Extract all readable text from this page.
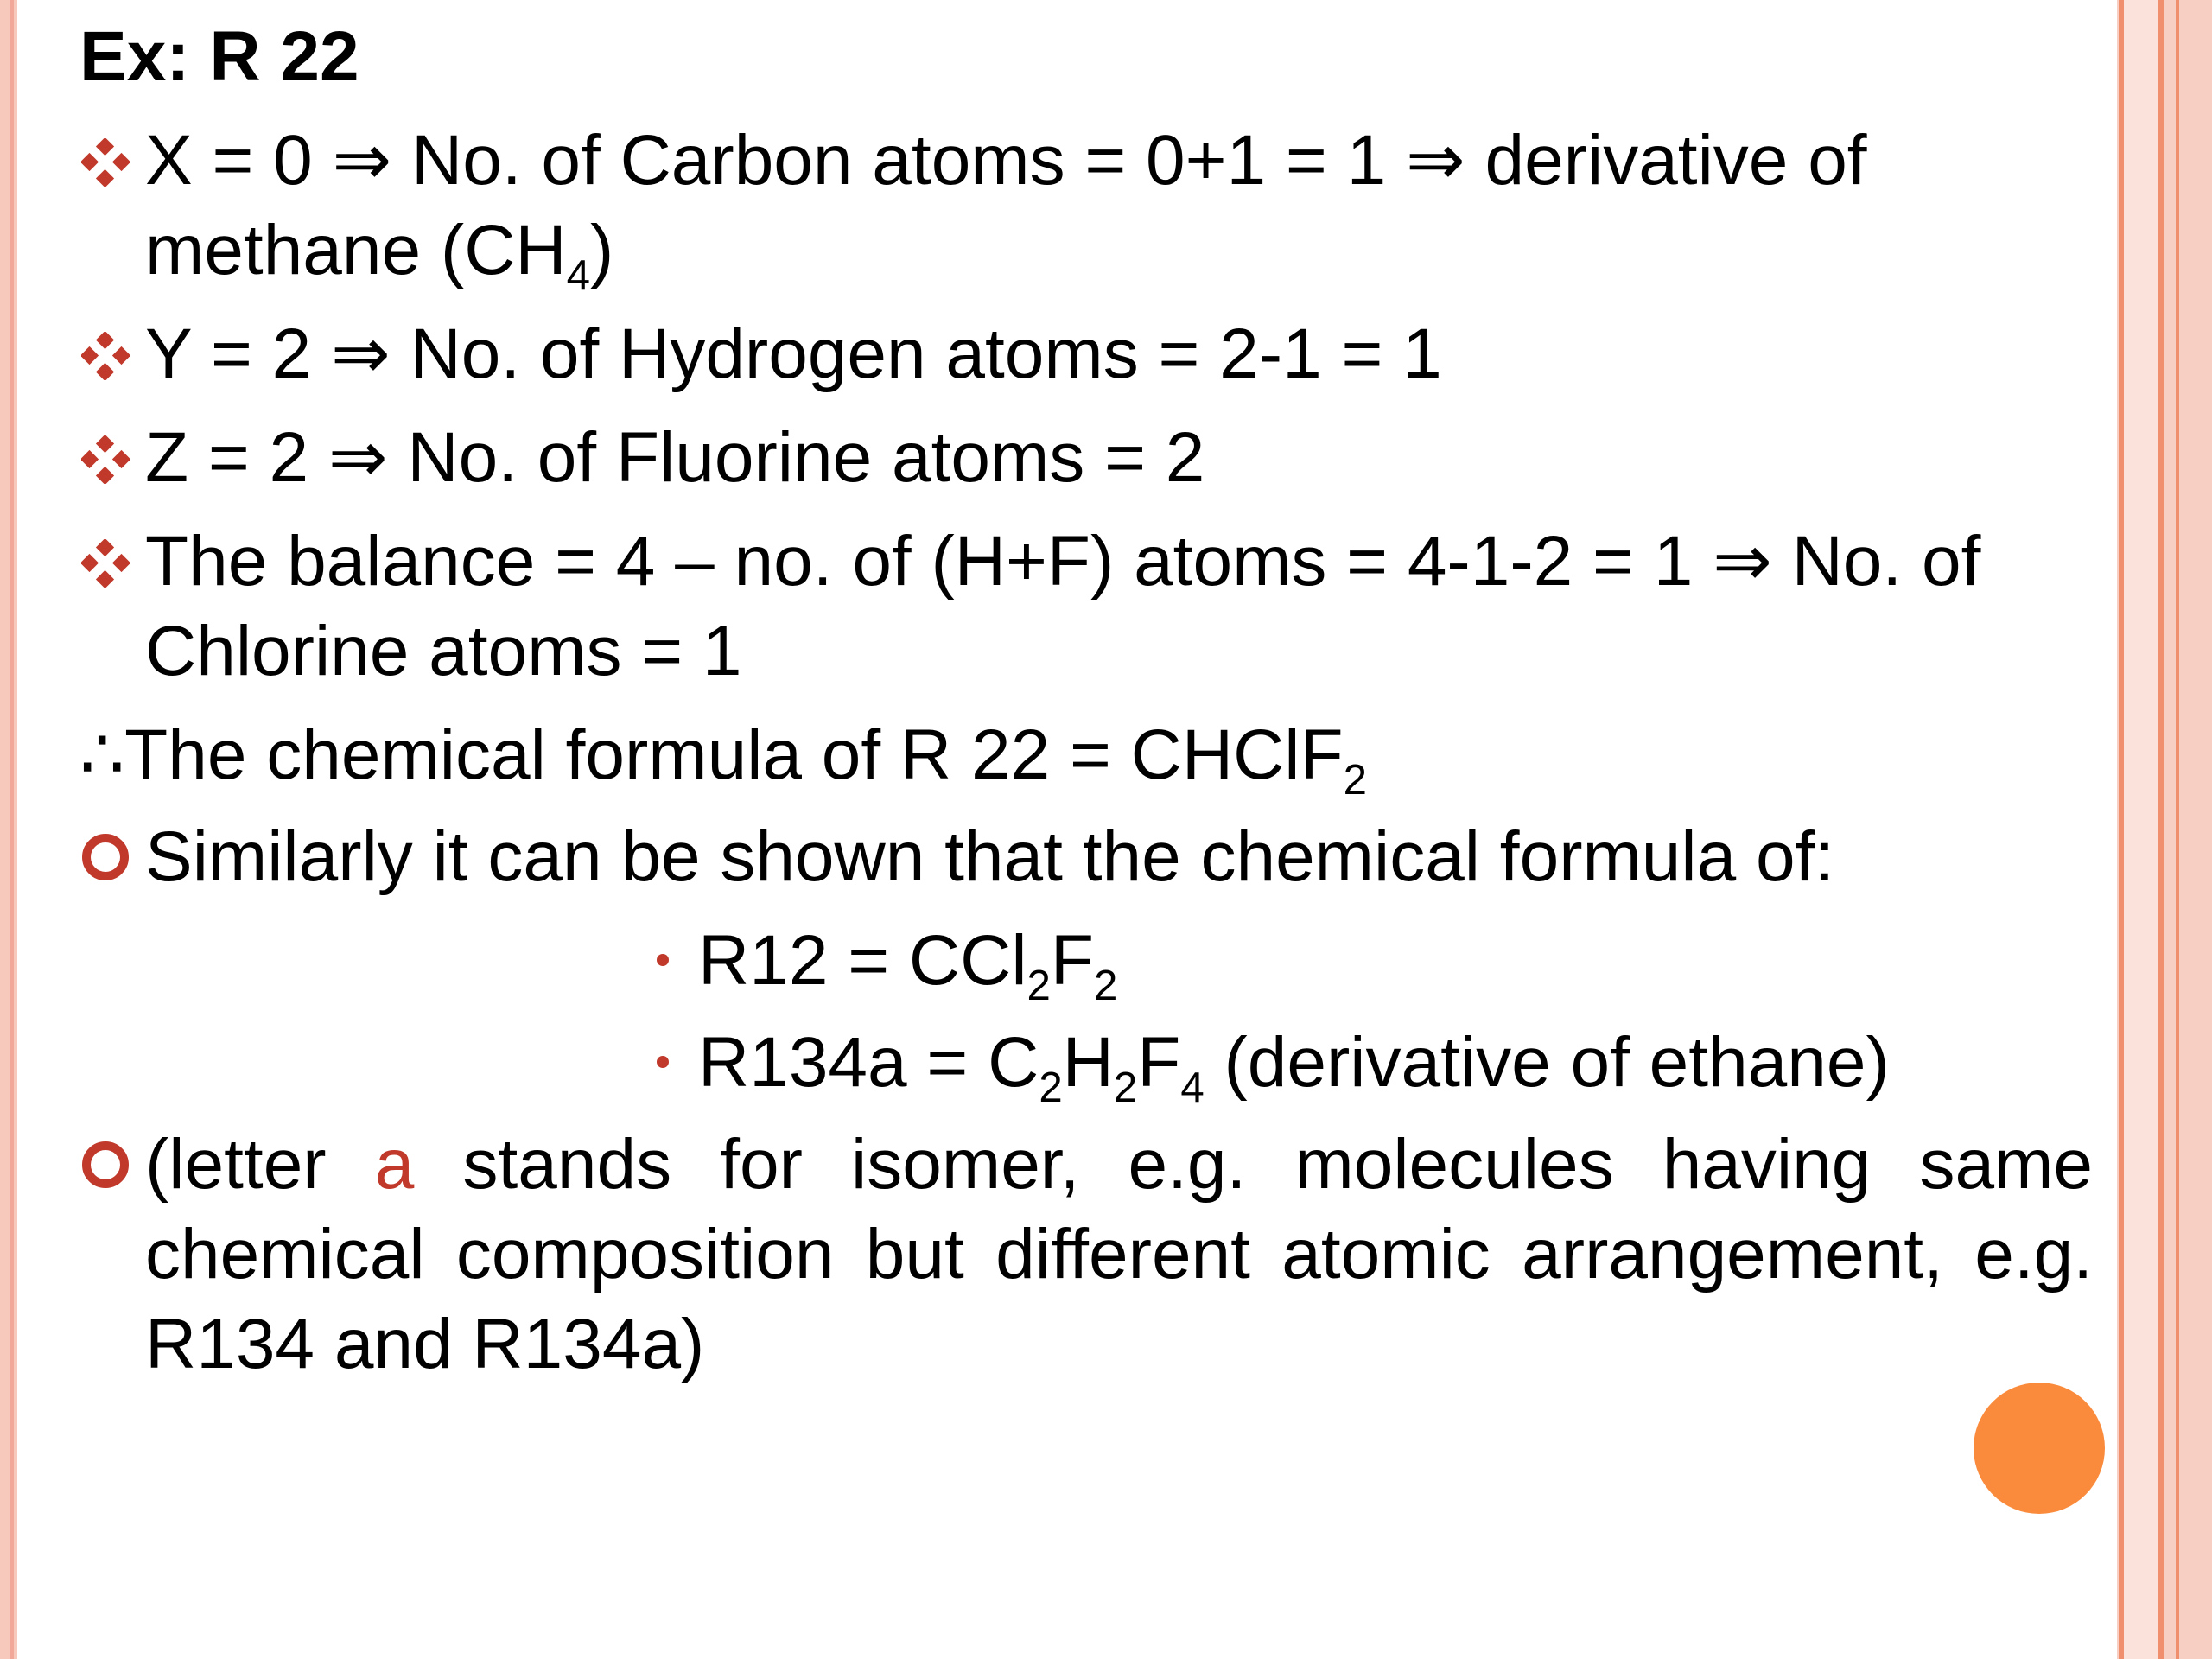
Ex: R 22
X = 0 ⇒ No. of Carbon atoms = 0+1 = 1 ⇒ derivative of
methane $(CH_4)$
Y = 2 ⇒ No. of Hydrogen atoms = 2-1 = 1
Z = 2 ⇒ No. of Fluorine atoms = 2
The balance = 4 – no. of (H+F) atoms = 4-1-2 = 1 ⇒ No. of
Chlorine atoms = 1
∴The chemical formula of R 22 = CHClF$_2$
Similarly it can be shown that the chemical formula of:
$R12 = CCl_2F_2$
$R134a = C_2H_2F_4$ (derivative of ethane)
(letter a stands for isomer, e.g. molecules having same chemical composition but different atomic arrangement, e.g. R134 and R134a)
